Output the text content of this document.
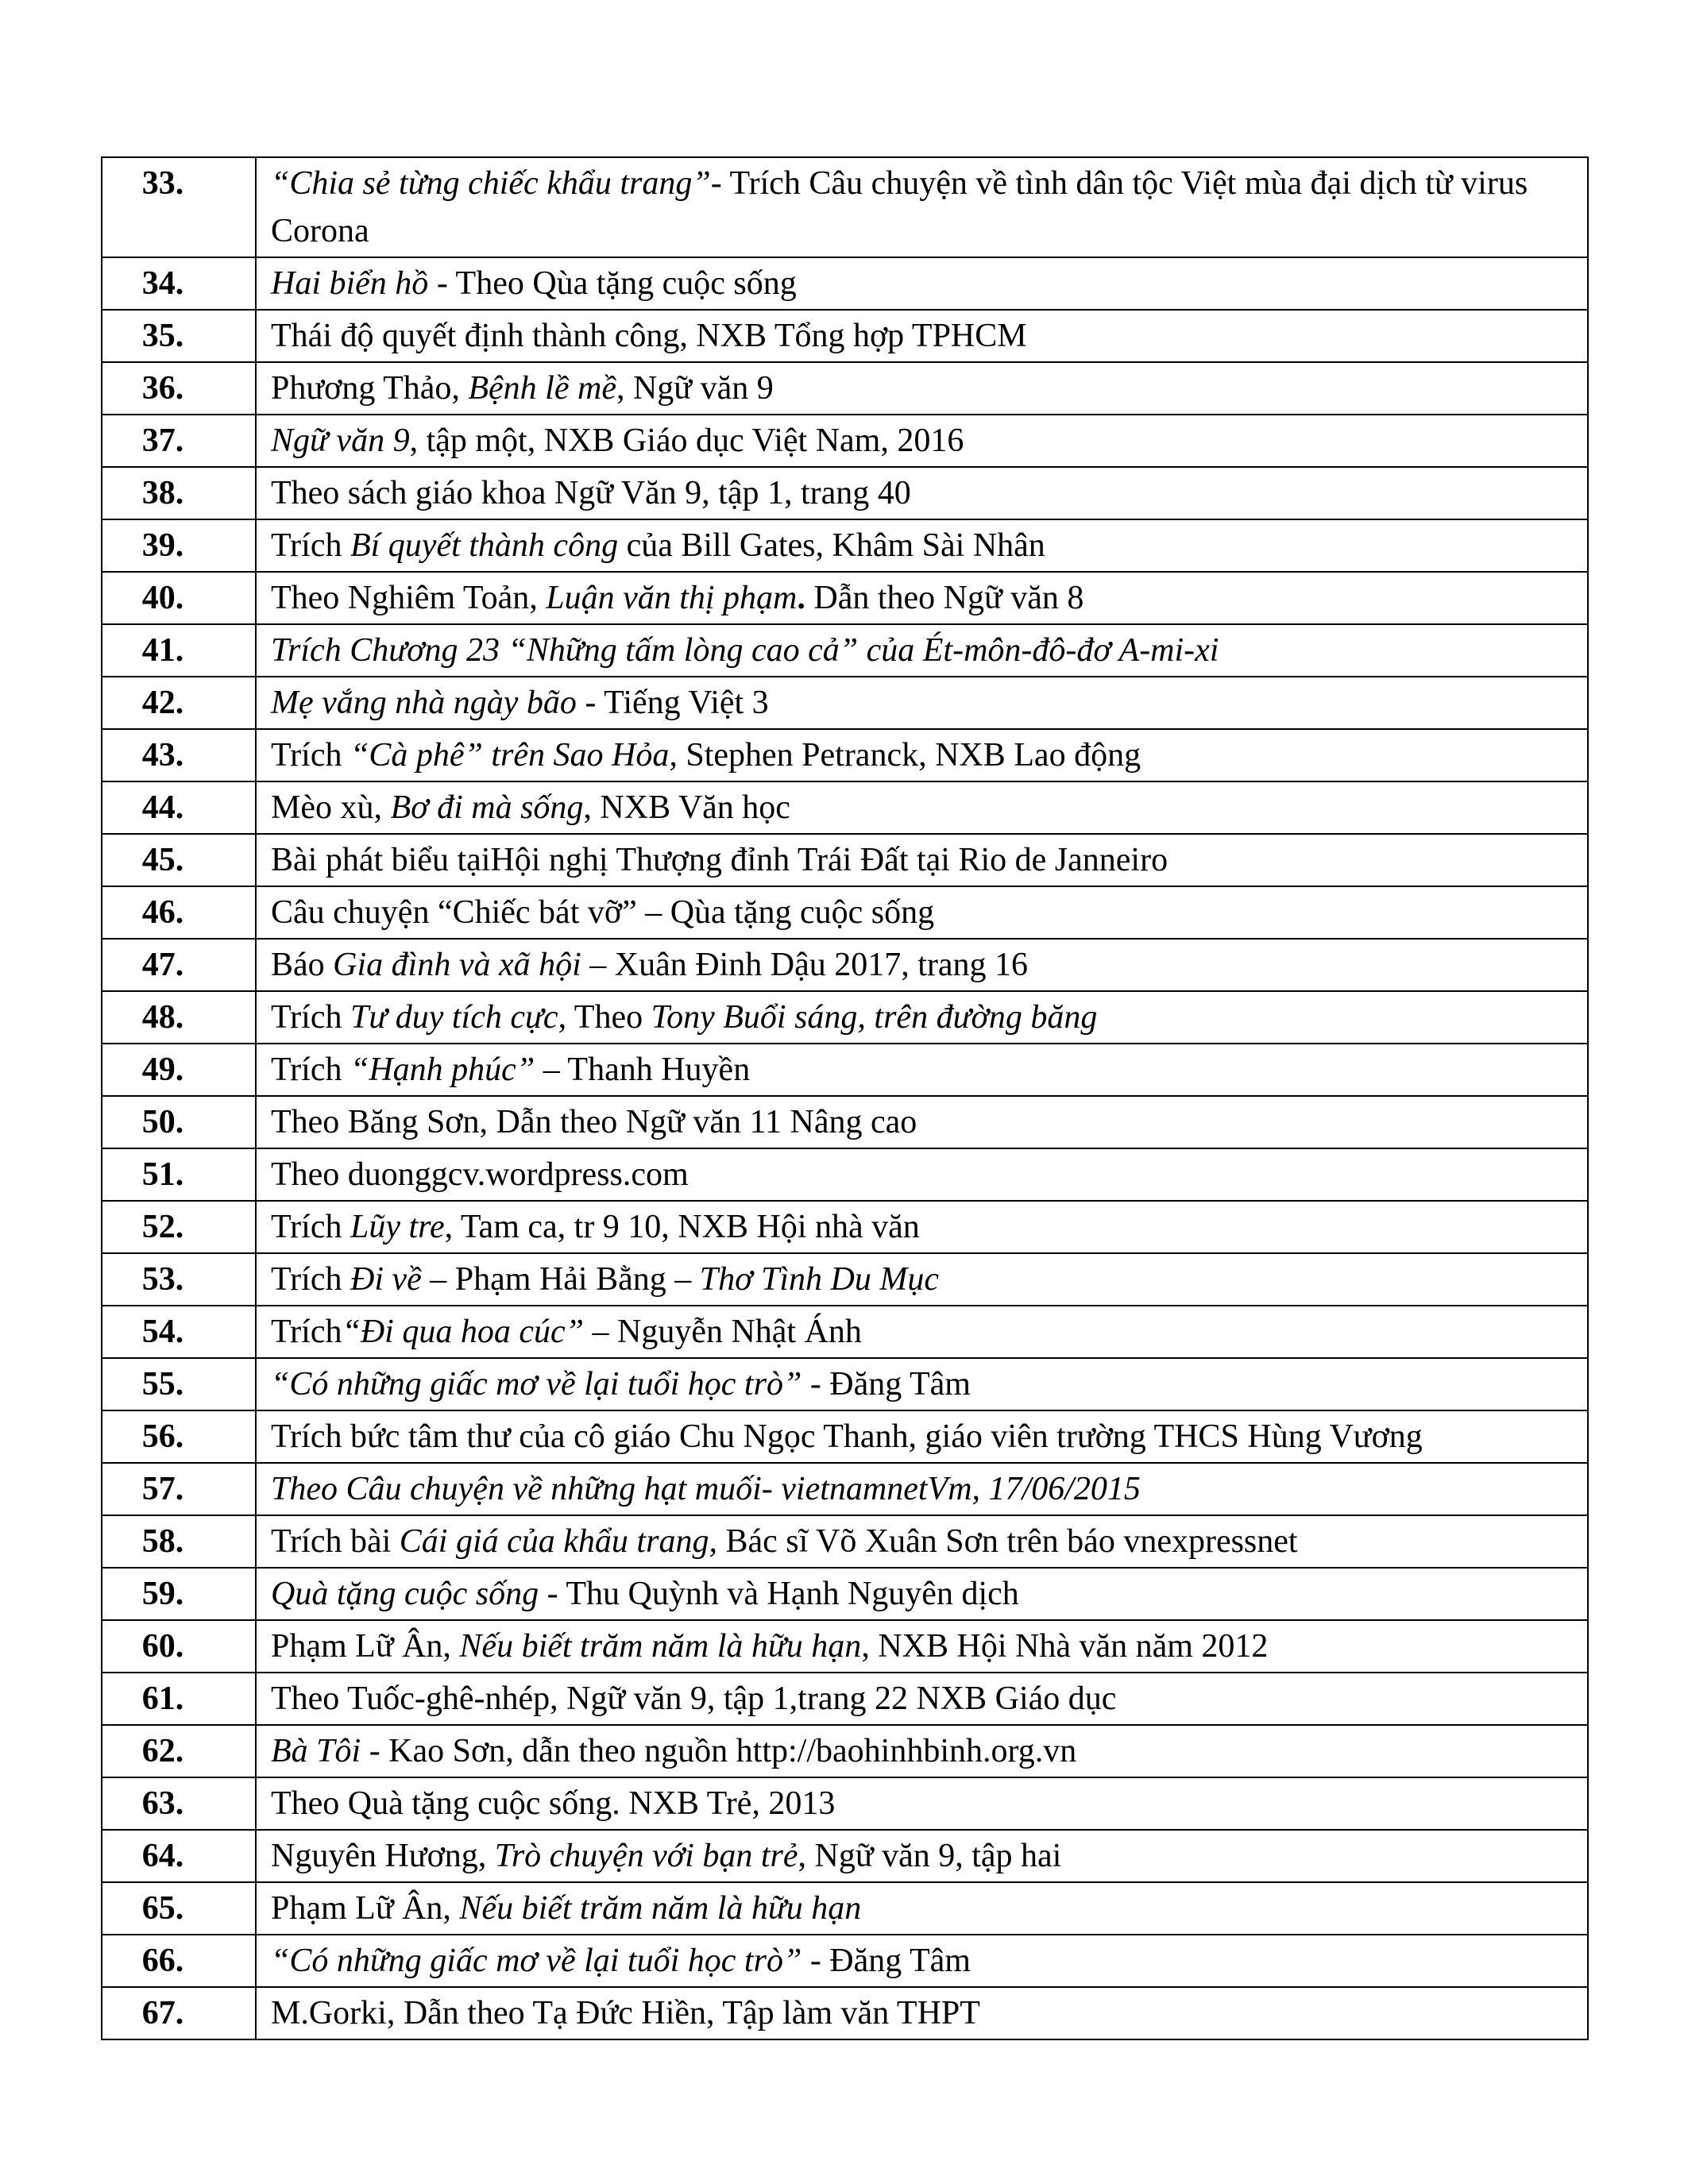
33.	“Chia sẻ từng chiếc khẩu trang”- Trích Câu chuyện về tình dân tộc Việt mùa đại dịch từ virus Corona
34.	Hai biển hồ - Theo Qùa tặng cuộc sống
35.	Thái độ quyết định thành công, NXB Tổng hợp TPHCM
36.	Phương Thảo, Bệnh lề mề, Ngữ văn 9
37.	Ngữ văn 9, tập một, NXB Giáo dục Việt Nam, 2016
38.	Theo sách giáo khoa Ngữ Văn 9, tập 1, trang 40
39.	Trích Bí quyết thành công của Bill Gates, Khâm Sài Nhân
40.	Theo Nghiêm Toản, Luận văn thị phạm. Dẫn theo Ngữ văn 8
41.	Trích Chương 23 “Những tấm lòng cao cả” của Ét-môn-đô-đơ A-mi-xi
42.	Mẹ vắng nhà ngày bão - Tiếng Việt 3
43.	Trích “Cà phê” trên Sao Hỏa, Stephen Petranck, NXB Lao động
44.	Mèo xù, Bơ đi mà sống, NXB Văn học
45.	Bài phát biểu tạiHội nghị Thượng đỉnh Trái Đất tại Rio de Janneiro
46.	Câu chuyện “Chiếc bát vỡ” – Qùa tặng cuộc sống
47.	Báo Gia đình và xã hội – Xuân Đinh Dậu 2017, trang 16
48.	Trích Tư duy tích cực, Theo Tony Buổi sáng, trên đường băng
49.	Trích “Hạnh phúc” – Thanh Huyền
50.	Theo Băng Sơn, Dẫn theo Ngữ văn 11 Nâng cao
51.	Theo duonggcv.wordpress.com
52.	Trích Lũy tre, Tam ca, tr 9 10, NXB Hội nhà văn
53.	Trích Đi về – Phạm Hải Bằng – Thơ Tình Du Mục
54.	Trích“Đi qua hoa cúc” – Nguyễn Nhật Ánh
55.	“Có những giấc mơ về lại tuổi học trò” - Đăng Tâm
56.	Trích bức tâm thư của cô giáo Chu Ngọc Thanh, giáo viên trường THCS Hùng Vương
57.	Theo Câu chuyện về những hạt muối- vietnamnetVm, 17/06/2015
58.	Trích bài Cái giá của khẩu trang, Bác sĩ Võ Xuân Sơn trên báo vnexpressnet
59.	Quà tặng cuộc sống - Thu Quỳnh và Hạnh Nguyên dịch
60.	Phạm Lữ Ân, Nếu biết trăm năm là hữu hạn, NXB Hội Nhà văn năm 2012
61.	Theo Tuốc-ghê-nhép, Ngữ văn 9, tập 1,trang 22 NXB Giáo dục
62.	Bà Tôi - Kao Sơn, dẫn theo nguồn http://baohinhbinh.org.vn
63.	Theo Quà tặng cuộc sống. NXB Trẻ, 2013
64.	Nguyên Hương, Trò chuyện với bạn trẻ, Ngữ văn 9, tập hai
65.	Phạm Lữ Ân, Nếu biết trăm năm là hữu hạn
66.	“Có những giấc mơ về lại tuổi học trò” - Đăng Tâm
67.	M.Gorki, Dẫn theo Tạ Đức Hiền, Tập làm văn THPT
